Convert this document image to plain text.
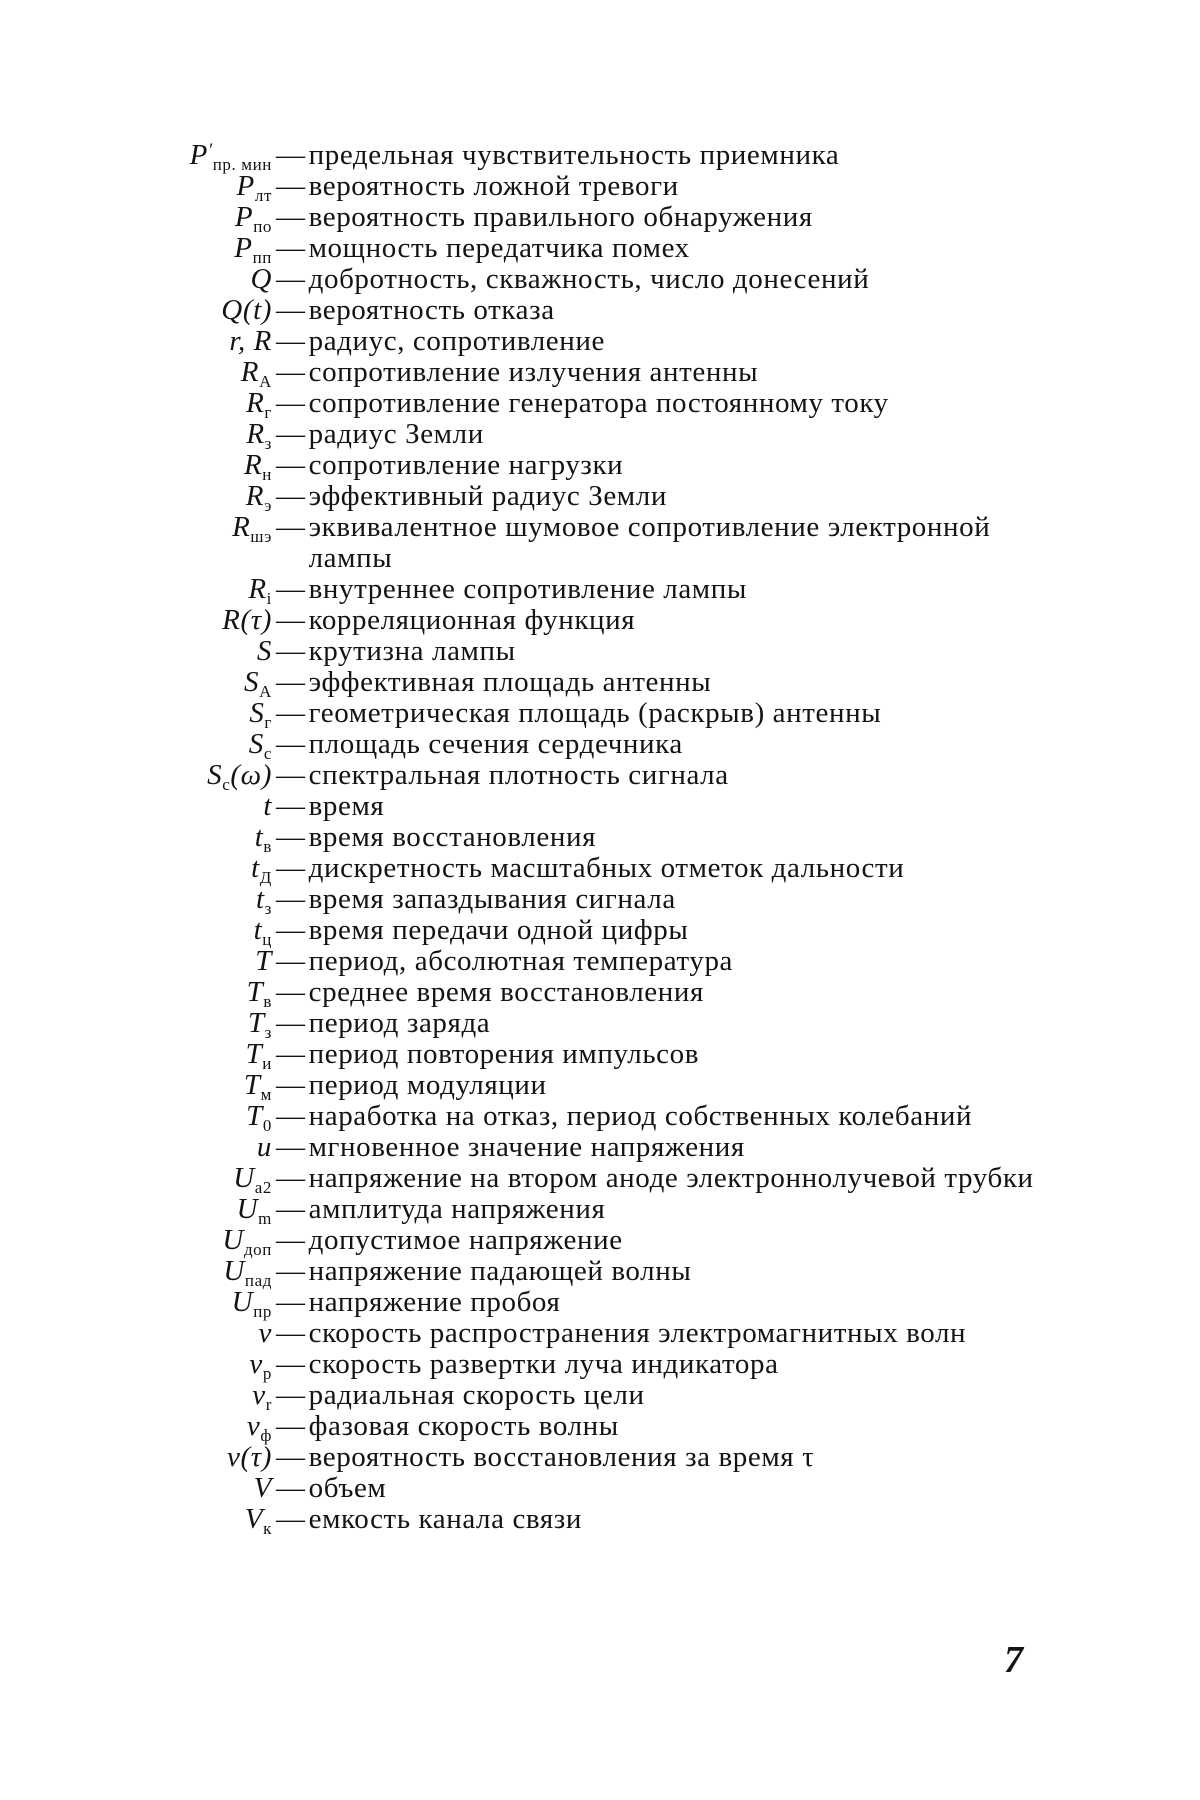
$P'_{пр. мин}$ — предельная чувствительность приемника
$P_{лт}$ — вероятность ложной тревоги
$P_{по}$ — вероятность правильного обнаружения
$P_{пп}$ — мощность передатчика помех
Q — добротность, скважность, число донесений
Q(t) — вероятность отказа
r, R — радиус, сопротивление
$R_А$ — сопротивление излучения антенны
$R_г$ — сопротивление генератора постоянному току
$R_з$ — радиус Земли
$R_н$ — сопротивление нагрузки
$R_э$ — эффективный радиус Земли
$R_{шэ}$ — эквивалентное шумовое сопротивление электронной лампы
$R_i$ — внутреннее сопротивление лампы
R(τ) — корреляционная функция
S — крутизна лампы
$S_А$ — эффективная площадь антенны
$S_г$ — геометрическая площадь (раскрыв) антенны
$S_с$ — площадь сечения сердечника
$S_с(\omega)$ — спектральная плотность сигнала
t — время
$t_в$ — время восстановления
$t_Д$ — дискретность масштабных отметок дальности
$t_з$ — время запаздывания сигнала
$t_ц$ — время передачи одной цифры
T — период, абсолютная температура
$T_в$ — среднее время восстановления
$T_з$ — период заряда
$T_и$ — период повторения импульсов
$T_м$ — период модуляции
$T_0$ — наработка на отказ, период собственных колебаний
u — мгновенное значение напряжения
$U_{a2}$ — напряжение на втором аноде электроннолучевой трубки
$U_m$ — амплитуда напряжения
$U_{доп}$ — допустимое напряжение
$U_{пад}$ — напряжение падающей волны
$U_{пр}$ — напряжение пробоя
v — скорость распространения электромагнитных волн
$v_р$ — скорость развертки луча индикатора
$v_r$ — радиальная скорость цели
$v_ф$ — фазовая скорость волны
v(τ) — вероятность восстановления за время τ
V — объем
$V_к$ — емкость канала связи
7
